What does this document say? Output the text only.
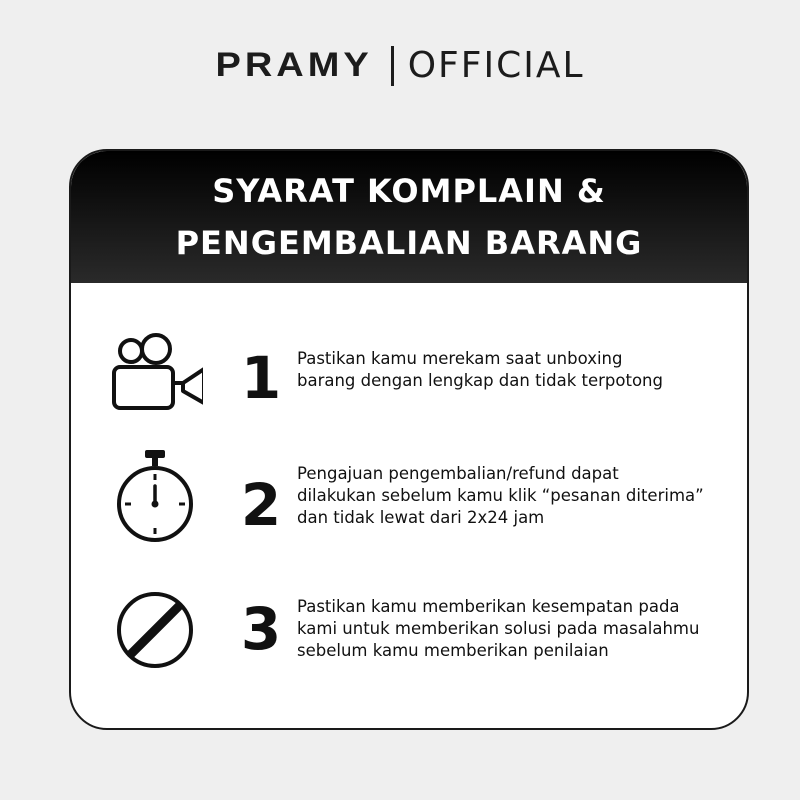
PRAMY OFFICIAL
SYARAT KOMPLAIN &
PENGEMBALIAN BARANG
1 Pastikan kamu merekam saat unboxing
barang dengan lengkap dan tidak terpotong
2 Pengajuan pengembalian/refund dapat
dilakukan sebelum kamu klik “pesanan diterima”
dan tidak lewat dari 2x24 jam
3 Pastikan kamu memberikan kesempatan pada
kami untuk memberikan solusi pada masalahmu
sebelum kamu memberikan penilaian
